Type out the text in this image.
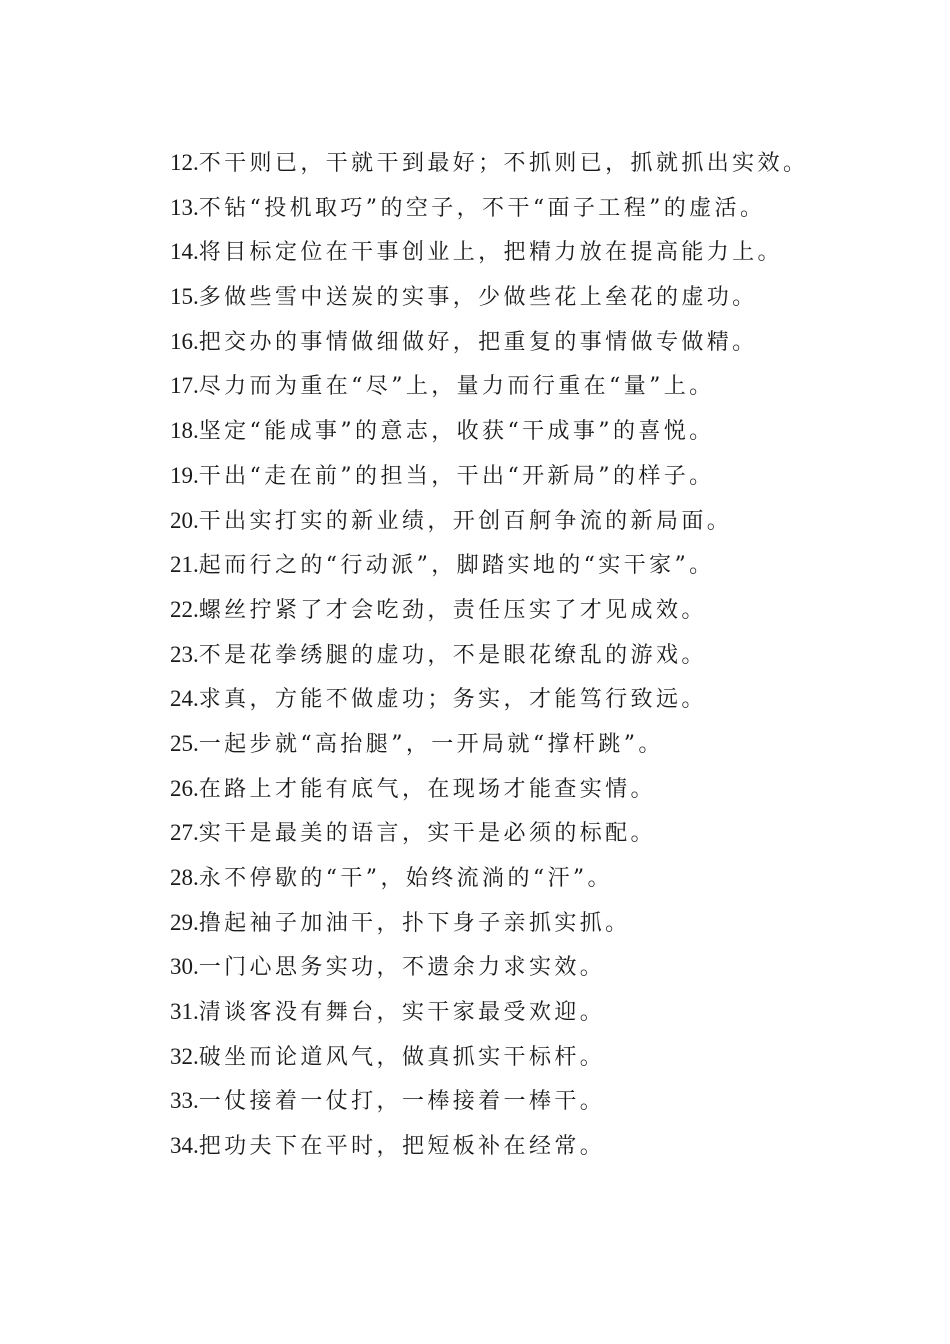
12.不干则已，干就干到最好；不抓则已，抓就抓出实效。
13.不钻“投机取巧”的空子，不干“面子工程”的虚活。
14.将目标定位在干事创业上，把精力放在提高能力上。
15.多做些雪中送炭的实事，少做些花上垒花的虚功。
16.把交办的事情做细做好，把重复的事情做专做精。
17.尽力而为重在“尽”上，量力而行重在“量”上。
18.坚定“能成事”的意志，收获“干成事”的喜悦。
19.干出“走在前”的担当，干出“开新局”的样子。
20.干出实打实的新业绩，开创百舸争流的新局面。
21.起而行之的“行动派”，脚踏实地的“实干家”。
22.螺丝拧紧了才会吃劲，责任压实了才见成效。
23.不是花拳绣腿的虚功，不是眼花缭乱的游戏。
24.求真，方能不做虚功；务实，才能笃行致远。
25.一起步就“高抬腿”，一开局就“撑杆跳”。
26.在路上才能有底气，在现场才能查实情。
27.实干是最美的语言，实干是必须的标配。
28.永不停歇的“干”，始终流淌的“汗”。
29.撸起袖子加油干，扑下身子亲抓实抓。
30.一门心思务实功，不遗余力求实效。
31.清谈客没有舞台，实干家最受欢迎。
32.破坐而论道风气，做真抓实干标杆。
33.一仗接着一仗打，一棒接着一棒干。
34.把功夫下在平时，把短板补在经常。
